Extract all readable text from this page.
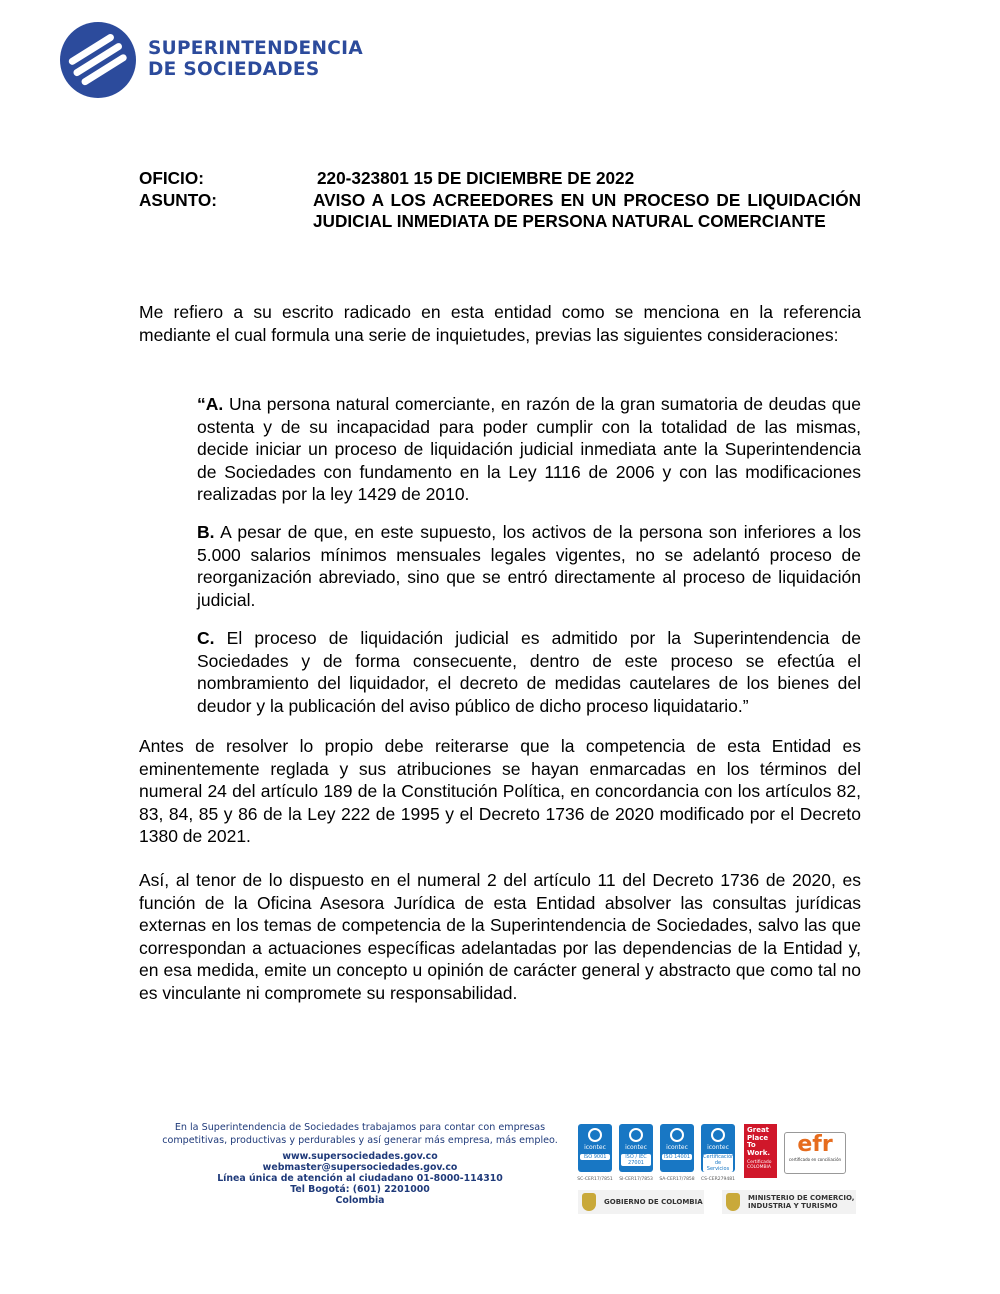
SUPERINTENDENCIA
DE SOCIEDADES
OFICIO:	220-323801 15 DE DICIEMBRE DE 2022
ASUNTO:	AVISO A LOS ACREEDORES EN UN PROCESO DE LIQUIDACIÓN JUDICIAL INMEDIATA DE PERSONA NATURAL COMERCIANTE
Me refiero a su escrito radicado en esta entidad como se menciona en la referencia mediante el cual formula una serie de inquietudes, previas las siguientes consideraciones:
“A. Una persona natural comerciante, en razón de la gran sumatoria de deudas que ostenta y de su incapacidad para poder cumplir con la totalidad de las mismas, decide iniciar un proceso de liquidación judicial inmediata ante la Superintendencia de Sociedades con fundamento en la Ley 1116 de 2006 y con las modificaciones realizadas por la ley 1429 de 2010.
B. A pesar de que, en este supuesto, los activos de la persona son inferiores a los 5.000 salarios mínimos mensuales legales vigentes, no se adelantó proceso de reorganización abreviado, sino que se entró directamente al proceso de liquidación judicial.
C. El proceso de liquidación judicial es admitido por la Superintendencia de Sociedades y de forma consecuente, dentro de este proceso se efectúa el nombramiento del liquidador, el decreto de medidas cautelares de los bienes del deudor y la publicación del aviso público de dicho proceso liquidatario.”
Antes de resolver lo propio debe reiterarse que la competencia de esta Entidad es eminentemente reglada y sus atribuciones se hayan enmarcadas en los términos del numeral 24 del artículo 189 de la Constitución Política, en concordancia con los artículos 82, 83, 84, 85 y 86 de la Ley 222 de 1995 y el Decreto 1736 de 2020 modificado por el Decreto 1380 de 2021.
Así, al tenor de lo dispuesto en el numeral 2 del artículo 11 del Decreto 1736 de 2020, es función de la Oficina Asesora Jurídica de esta Entidad absolver las consultas jurídicas externas en los temas de competencia de la Superintendencia de Sociedades, salvo las que correspondan a actuaciones específicas adelantadas por las dependencias de la Entidad y, en esa medida, emite un concepto u opinión de carácter general y abstracto que como tal no es vinculante ni compromete su responsabilidad.
En la Superintendencia de Sociedades trabajamos para contar con empresas
competitivas, productivas y perdurables y así generar más empresa, más empleo.
www.supersociedades.gov.co
webmaster@supersociedades.gov.co
Línea única de atención al ciudadano 01-8000-114310
Tel Bogotá: (601) 2201000
Colombia
icontec
ISO 9001
SC-CER17/7851
icontec
ISO / IEC 27001
SI-CER17/7853
icontec
ISO 14001
SA-CER17/7858
icontec
Certificación de Servicios
CS-CER279481
Great
Place
To
Work.
Certificado
COLOMBIA
efr
certificado en conciliación
GOBIERNO DE COLOMBIA	MINISTERIO DE COMERCIO,
INDUSTRIA Y TURISMO
